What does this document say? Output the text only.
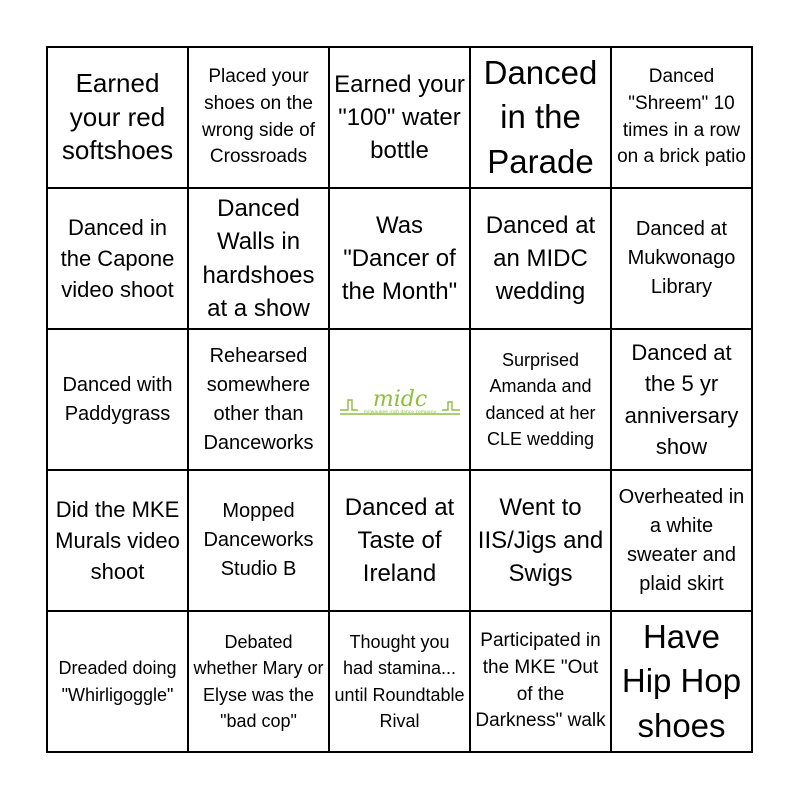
Earned your red softshoes
Placed your shoes on the wrong side of Crossroads
Earned your "100" water bottle
Danced in the Parade
Danced "Shreem" 10 times in a row on a brick patio
Danced in the Capone video shoot
Danced Walls in hardshoes at a show
Was "Dancer of the Month"
Danced at an MIDC wedding
Danced at Mukwonago Library
Danced with Paddygrass
Rehearsed somewhere other than Danceworks
midc
milwaukee irish dance company
Surprised Amanda and danced at her CLE wedding
Danced at the 5 yr anniversary show
Did the MKE Murals video shoot
Mopped Danceworks Studio B
Danced at Taste of Ireland
Went to IIS/Jigs and Swigs
Overheated in a white sweater and plaid skirt
Dreaded doing "Whirligoggle"
Debated whether Mary or Elyse was the "bad cop"
Thought you had stamina... until Roundtable Rival
Participated in the MKE "Out of the Darkness" walk
Have Hip Hop shoes
